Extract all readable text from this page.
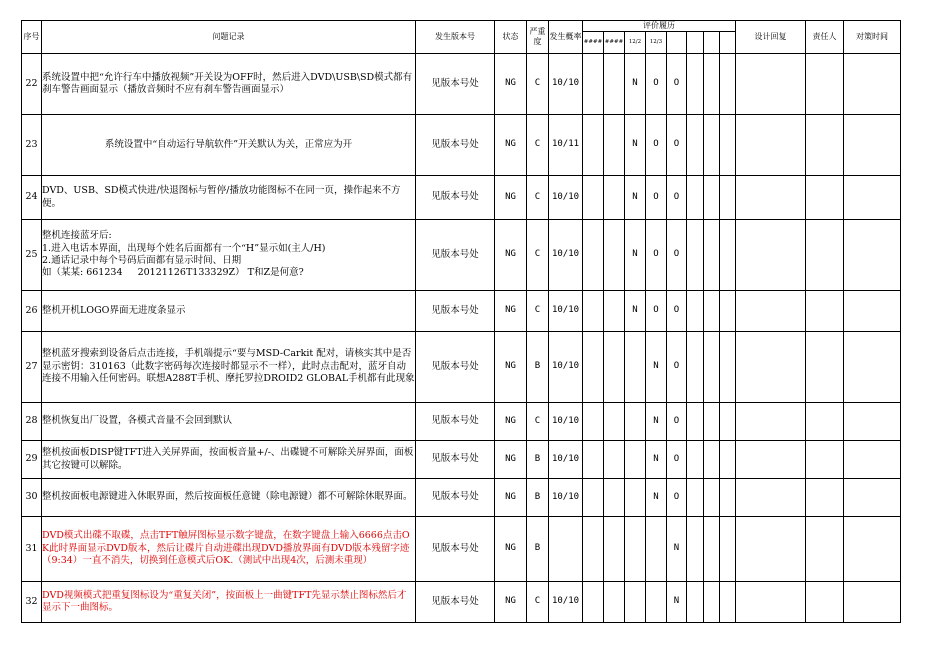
序号	问题记录	发生版本号	状态	严重度	发生概率	评价履历								设计回复	责任人	对策时间
						####	####	12/2	12/3							
22	系统设置中把“允许行车中播放视频”开关设为OFF时，然后进入DVD\USB\SD模式都有刹车警告画面显示（播放音频时不应有刹车警告画面显示）	见版本号处	NG	C	10/10			N	O	O						
23	系统设置中“自动运行导航软件”开关默认为关，正常应为开	见版本号处	NG	C	10/11			N	O	O						
24	DVD、USB、SD模式快进/快退图标与暂停/播放功能图标不在同一页，操作起来不方便。	见版本号处	NG	C	10/10			N	O	O						
25	整机连接蓝牙后:
1.进入电话本界面，出现每个姓名后面都有一个“H”显示如(主人/H)
2.通话记录中每个号码后面都有显示时间、日期
如（某某: 661234     20121126T133329Z） T和Z是何意?	见版本号处	NG	C	10/10			N	O	O						
26	整机开机LOGO界面无进度条显示	见版本号处	NG	C	10/10			N	O	O						
27	整机蓝牙搜索到设备后点击连接，手机端提示“要与MSD-Carkit 配对，请核实其中是否显示密钥：310163（此数字密码每次连接时都显示不一样），此时点击配对，蓝牙自动连接不用输入任何密码。联想A288T手机、摩托罗拉DROID2 GLOBAL手机都有此现象	见版本号处	NG	B	10/10				N	O						
28	整机恢复出厂设置，各模式音量不会回到默认	见版本号处	NG	C	10/10				N	O						
29	整机按面板DISP键TFT进入关屏界面，按面板音量+/-、出碟键不可解除关屏界面，面板其它按键可以解除。	见版本号处	NG	B	10/10				N	O						
30	整机按面板电源键进入休眠界面，然后按面板任意键（除电源键）都不可解除休眠界面。	见版本号处	NG	B	10/10				N	O						
31	DVD模式出碟不取碟，点击TFT触屏图标显示数字键盘，在数字键盘上输入6666点击OK此时界面显示DVD版本，然后让碟片自动进碟出现DVD播放界面有DVD版本残留字迹（9:34）一直不消失，切换到任意模式后OK.（测试中出现4次，后测未重现）	见版本号处	NG	B						N						
32	DVD视频模式把重复图标设为“重复关闭”，按面板上一曲键TFT先显示禁止图标然后才显示下一曲图标。	见版本号处	NG	C	10/10					N						
